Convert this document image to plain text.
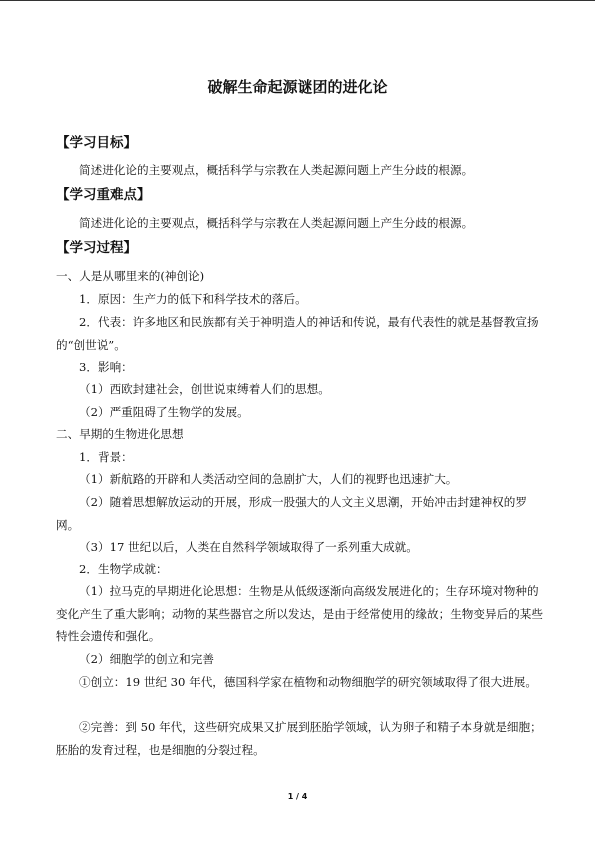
破解生命起源谜团的进化论
【学习目标】
简述进化论的主要观点，概括科学与宗教在人类起源问题上产生分歧的根源。
【学习重难点】
简述进化论的主要观点，概括科学与宗教在人类起源问题上产生分歧的根源。
【学习过程】
一、人是从哪里来的(神创论)
1．原因：生产力的低下和科学技术的落后。
2．代表：许多地区和民族都有关于神明造人的神话和传说，最有代表性的就是基督教宣扬的“创世说”。
3．影响：
（1）西欧封建社会，创世说束缚着人们的思想。
（2）严重阻碍了生物学的发展。
二、早期的生物进化思想
1．背景：
（1）新航路的开辟和人类活动空间的急剧扩大，人们的视野也迅速扩大。
（2）随着思想解放运动的开展，形成一股强大的人文主义思潮，开始冲击封建神权的罗网。
（3）17 世纪以后，人类在自然科学领域取得了一系列重大成就。
2．生物学成就：
（1）拉马克的早期进化论思想：生物是从低级逐渐向高级发展进化的；生存环境对物种的变化产生了重大影响；动物的某些器官之所以发达，是由于经常使用的缘故；生物变异后的某些特性会遗传和强化。
（2）细胞学的创立和完善
①创立：19 世纪 30 年代，德国科学家在植物和动物细胞学的研究领域取得了很大进展。
②完善：到 50 年代，这些研究成果又扩展到胚胎学领域，认为卵子和精子本身就是细胞；胚胎的发育过程，也是细胞的分裂过程。
1 / 4
